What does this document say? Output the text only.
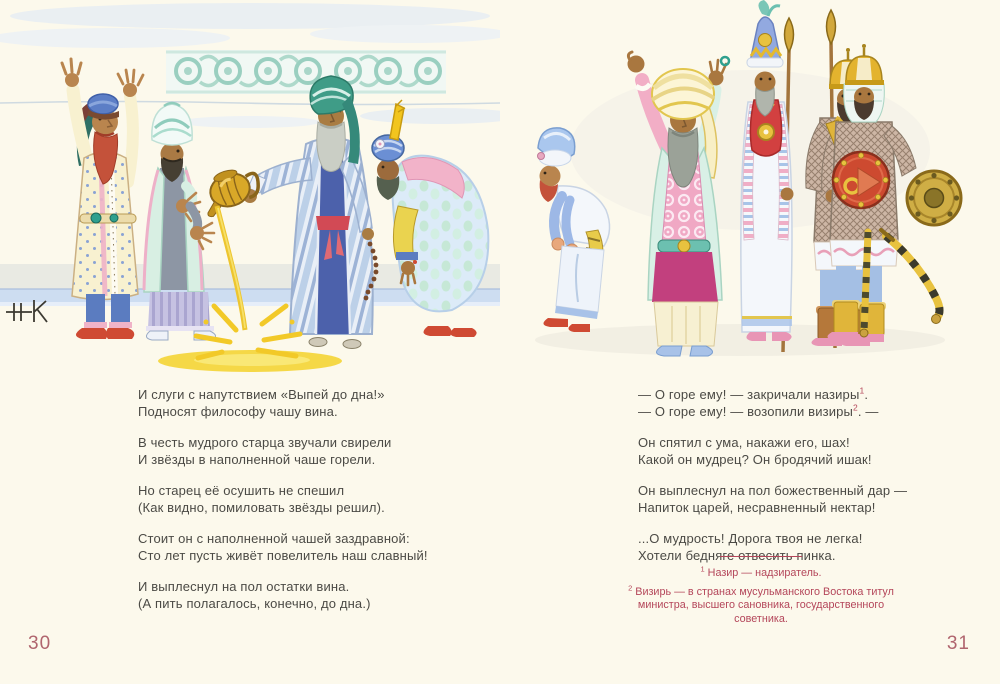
И слуги с напутствием «Выпей до дна!»
Подносят философу чашу вина.
В честь мудрого старца звучали свирели
И звёзды в наполненной чаше горели.
Но старец её осушить не спешил
(Как видно, помиловать звёзды решил).
Стоит он с наполненной чашей заздравной:
Сто лет пусть живёт повелитель наш славный!
И выплеснул на пол остатки вина.
(А пить полагалось, конечно, до дна.)
— О горе ему! — закричали назиры$^1$.
— О горе ему! — возопили визиры$^2$. —
Он спятил с ума, накажи его, шах!
Какой он мудрец? Он бродячий ишак!
Он выплеснул на пол божественный дар —
Напиток царей, несравненный нектар!
...О мудрость! Дорога твоя не легка!
Хотели бедняге отвесить пинка.
$^1$ Назир — надзиратель.
$^2$ Визирь — в странах мусульманского Востока титул министра, высшего сановника, государственного советника.
30	31
